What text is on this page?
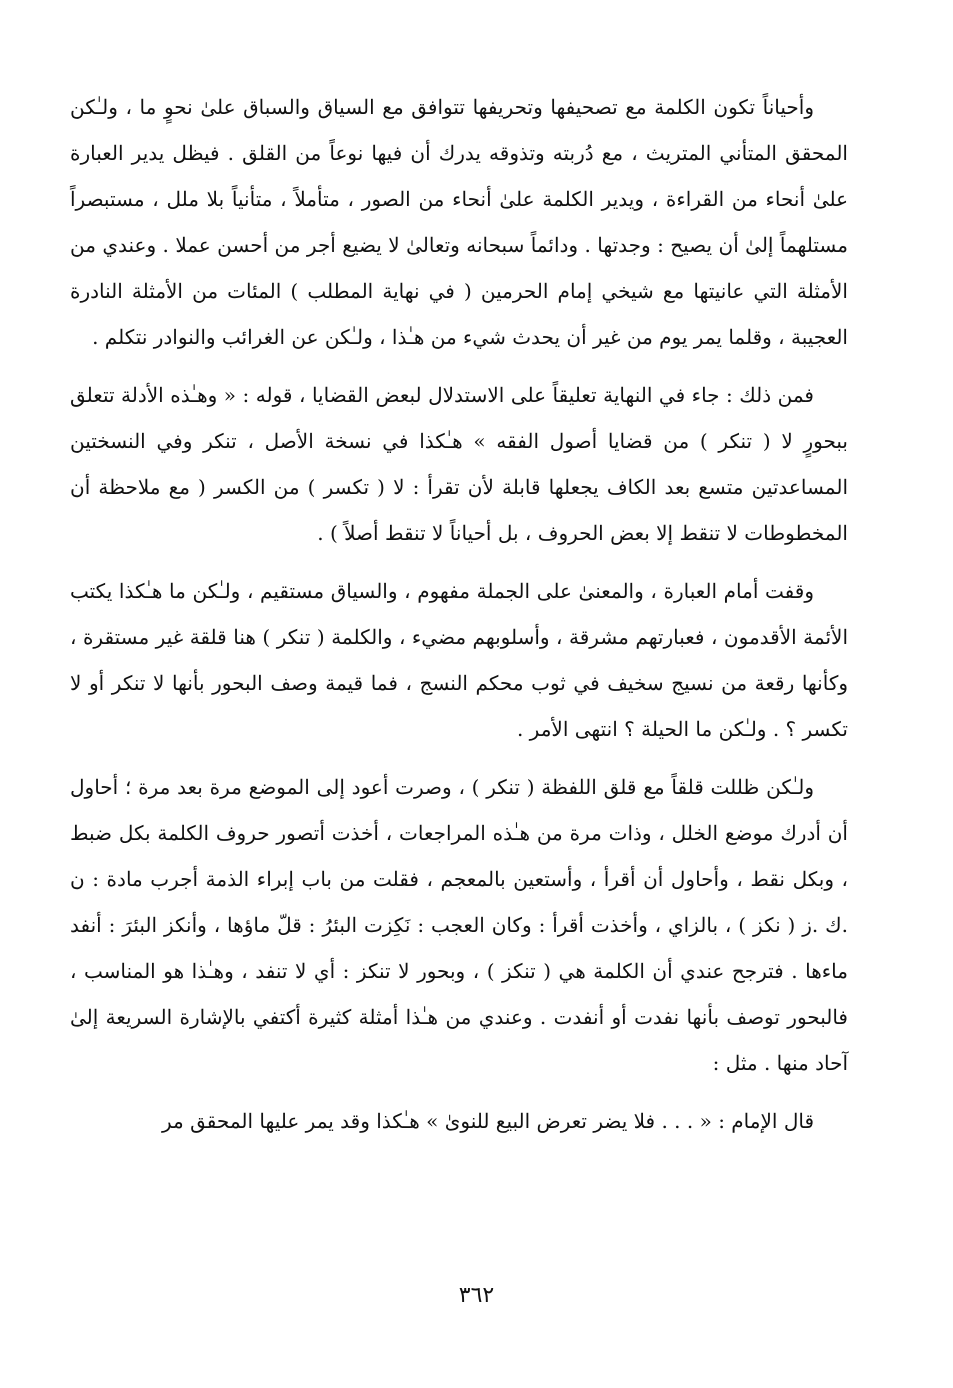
وأحياناً تكون الكلمة مع تصحيفها وتحريفها تتوافق مع السياق والسباق علىٰ نحوٍ ما ، ولـٰكن المحقق المتأني المتريث ، مع دُربته وتذوقه يدرك أن فيها نوعاً من القلق . فيظل يدير العبارة علىٰ أنحاء من القراءة ، ويدير الكلمة علىٰ أنحاء من الصور ، متأملاً ، متأنياً بلا ملل ، مستبصراً مستلهماً إلىٰ أن يصيح : وجدتها . ودائماً سبحانه وتعالىٰ لا يضيع أجر من أحسن عملا . وعندي من الأمثلة التي عانيتها مع شيخي إمام الحرمين ( في نهاية المطلب ) المئات من الأمثلة النادرة العجيبة ، وقلما يمر يوم من غير أن يحدث شيء من هـٰذا ، ولـٰكن عن الغرائب والنوادر نتكلم .

فمن ذلك : جاء في النهاية تعليقاً على الاستدلال لبعض القضايا ، قوله : « وهـٰذه الأدلة تتعلق ببحورٍ لا ( تنكر ) من قضايا أصول الفقه » هـٰكذا في نسخة الأصل ، تنكر وفي النسختين المساعدتين متسع بعد الكاف يجعلها قابلة لأن تقرأ : لا ( تكسر ) من الكسر ( مع ملاحظة أن المخطوطات لا تنقط إلا بعض الحروف ، بل أحياناً لا تنقط أصلاً ) .

وقفت أمام العبارة ، والمعنىٰ على الجملة مفهوم ، والسياق مستقيم ، ولـٰكن ما هـٰكذا يكتب الأئمة الأقدمون ، فعبارتهم مشرقة ، وأسلوبهم مضيء ، والكلمة ( تنكر ) هنا قلقة غير مستقرة ، وكأنها رقعة من نسيج سخيف في ثوب محكم النسج ، فما قيمة وصف البحور بأنها لا تنكر أو لا تكسر ؟ . ولـٰكن ما الحيلة ؟ انتهى الأمر .

ولـٰكن ظللت قلقاً مع قلق اللفظة ( تنكر ) ، وصرت أعود إلى الموضع مرة بعد مرة ؛ أحاول أن أدرك موضع الخلل ، وذات مرة من هـٰذه المراجعات ، أخذت أتصور حروف الكلمة بكل ضبط ، وبكل نقط ، وأحاول أن أقرأ ، وأستعين بالمعجم ، فقلت من باب إبراء الذمة أجرب مادة : ن .ك .ز ( نكز ) ، بالزاي ، وأخذت أقرأ : وكان العجب : نَكِزت البئرُ : قلّ ماؤها ، وأنكز البئرَ : أنفد ماءها . فترجح عندي أن الكلمة هي ( تنكز ) ، وبحور لا تنكز : أي لا تنفد ، وهـٰذا هو المناسب ، فالبحور توصف بأنها نفدت أو أنفدت . وعندي من هـٰذا أمثلة كثيرة أكتفي بالإشارة السريعة إلىٰ آحاد منها . مثل :

قال الإمام : « . . . فلا يضر تعرض البيع للنوىٰ » هـٰكذا وقد يمر عليها المحقق مر

٣٦٢
